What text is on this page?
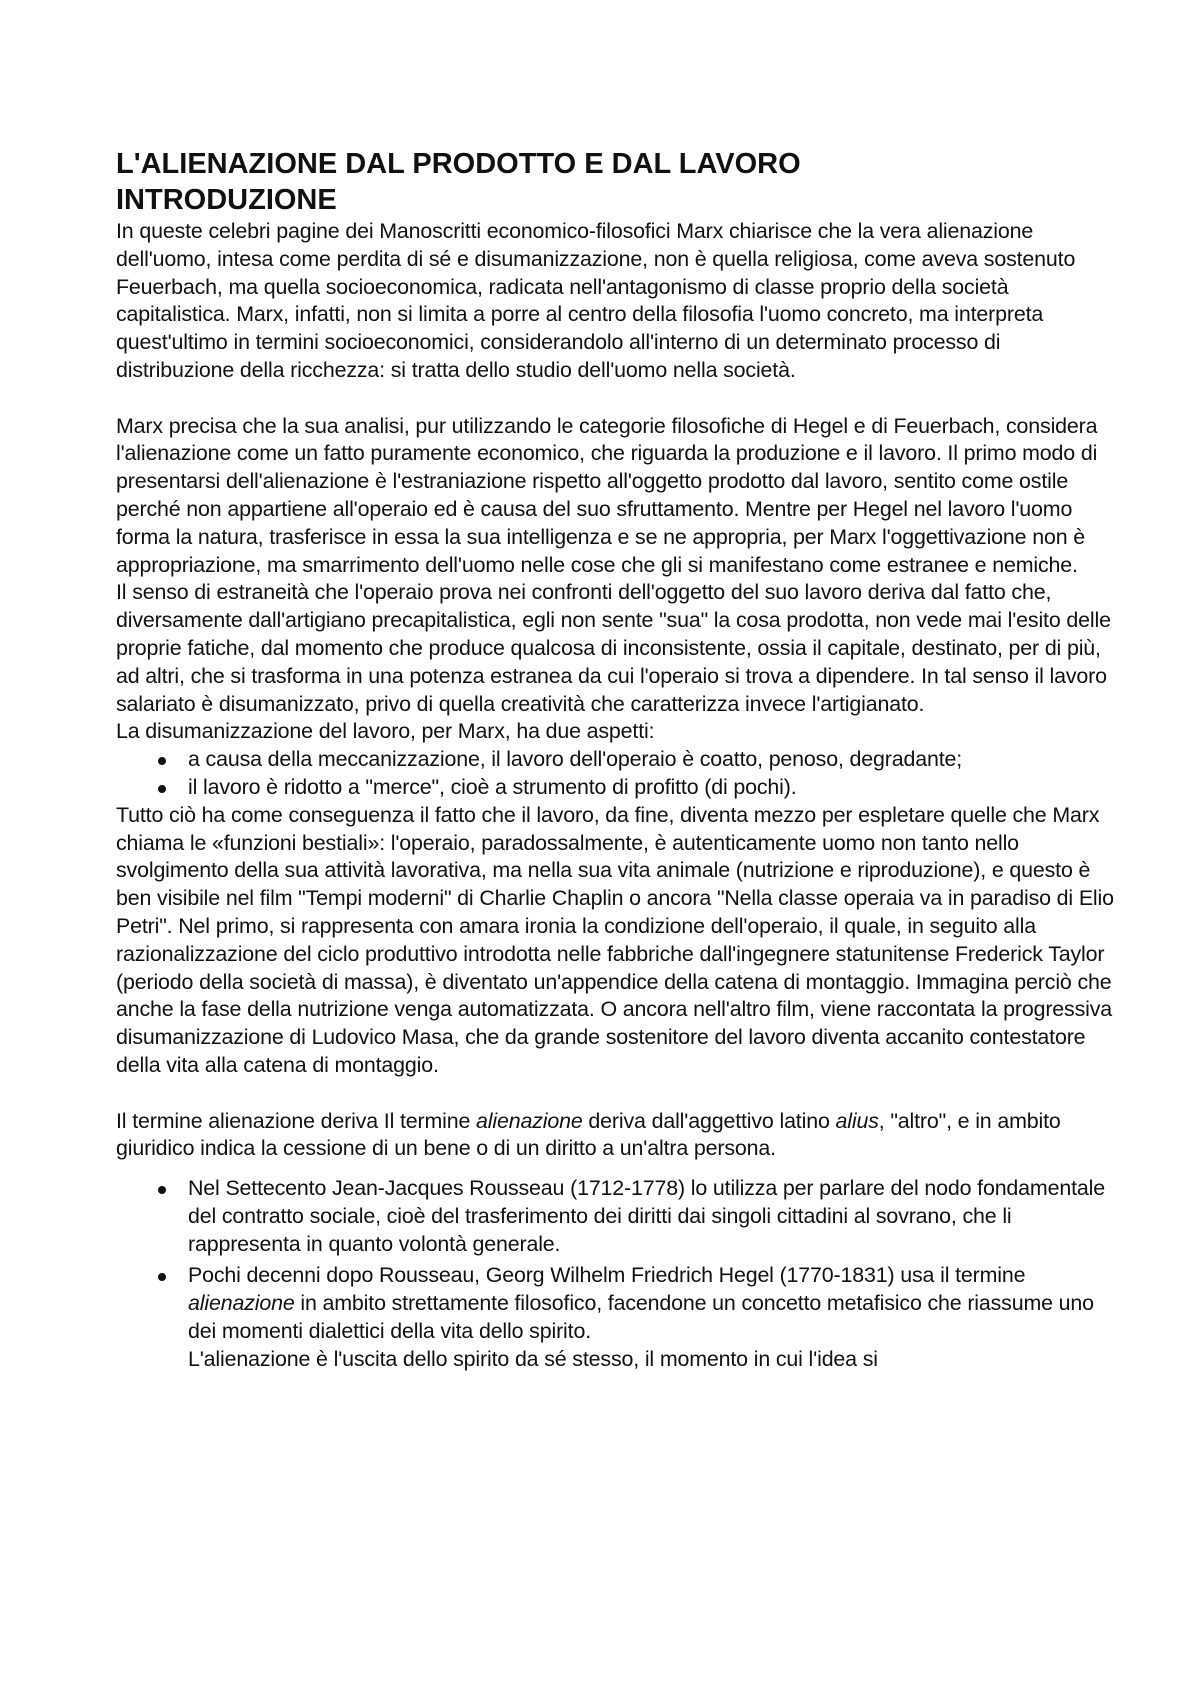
L'ALIENAZIONE DAL PRODOTTO E DAL LAVORO
INTRODUZIONE

In queste celebri pagine dei Manoscritti economico-filosofici Marx chiarisce che la vera alienazione dell'uomo, intesa come perdita di sé e disumanizzazione, non è quella religiosa, come aveva sostenuto Feuerbach, ma quella socioeconomica, radicata nell'antagonismo di classe proprio della società capitalistica. Marx, infatti, non si limita a porre al centro della filosofia l'uomo concreto, ma interpreta quest'ultimo in termini socioeconomici, considerandolo all'interno di un determinato processo di distribuzione della ricchezza: si tratta dello studio dell'uomo nella società.

Marx precisa che la sua analisi, pur utilizzando le categorie filosofiche di Hegel e di Feuerbach, considera l'alienazione come un fatto puramente economico, che riguarda la produzione e il lavoro. Il primo modo di presentarsi dell'alienazione è l'estraniazione rispetto all'oggetto prodotto dal lavoro, sentito come ostile perché non appartiene all'operaio ed è causa del suo sfruttamento. Mentre per Hegel nel lavoro l'uomo forma la natura, trasferisce in essa la sua intelligenza e se ne appropria, per Marx l'oggettivazione non è appropriazione, ma smarrimento dell'uomo nelle cose che gli si manifestano come estranee e nemiche.

Il senso di estraneità che l'operaio prova nei confronti dell'oggetto del suo lavoro deriva dal fatto che, diversamente dall'artigiano precapitalistica, egli non sente "sua" la cosa prodotta, non vede mai l'esito delle proprie fatiche, dal momento che produce qualcosa di inconsistente, ossia il capitale, destinato, per di più, ad altri, che si trasforma in una potenza estranea da cui l'operaio si trova a dipendere. In tal senso il lavoro salariato è disumanizzato, privo di quella creatività che caratterizza invece l'artigianato.

La disumanizzazione del lavoro, per Marx, ha due aspetti:

a causa della meccanizzazione, il lavoro dell'operaio è coatto, penoso, degradante;
il lavoro è ridotto a "merce", cioè a strumento di profitto (di pochi).

Tutto ciò ha come conseguenza il fatto che il lavoro, da fine, diventa mezzo per espletare quelle che Marx chiama le «funzioni bestiali»: l'operaio, paradossalmente, è autenticamente uomo non tanto nello svolgimento della sua attività lavorativa, ma nella sua vita animale (nutrizione e riproduzione), e questo è ben visibile nel film "Tempi moderni" di Charlie Chaplin o ancora "Nella classe operaia va in paradiso di Elio Petri". Nel primo, si rappresenta con amara ironia la condizione dell'operaio, il quale, in seguito alla razionalizzazione del ciclo produttivo introdotta nelle fabbriche dall'ingegnere statunitense Frederick Taylor (periodo della società di massa), è diventato un'appendice della catena di montaggio. Immagina perciò che anche la fase della nutrizione venga automatizzata. O ancora nell'altro film, viene raccontata la progressiva disumanizzazione di Ludovico Masa, che da grande sostenitore del lavoro diventa accanito contestatore della vita alla catena di montaggio.

Il termine alienazione deriva Il termine alienazione deriva dall'aggettivo latino alius, "altro", e in ambito giuridico indica la cessione di un bene o di un diritto a un'altra persona.

Nel Settecento Jean-Jacques Rousseau (1712-1778) lo utilizza per parlare del nodo fondamentale del contratto sociale, cioè del trasferimento dei diritti dai singoli cittadini al sovrano, che li rappresenta in quanto volontà generale.
Pochi decenni dopo Rousseau, Georg Wilhelm Friedrich Hegel (1770-1831) usa il termine alienazione in ambito strettamente filosofico, facendone un concetto metafisico che riassume uno dei momenti dialettici della vita dello spirito.
L'alienazione è l'uscita dello spirito da sé stesso, il momento in cui l'idea si
